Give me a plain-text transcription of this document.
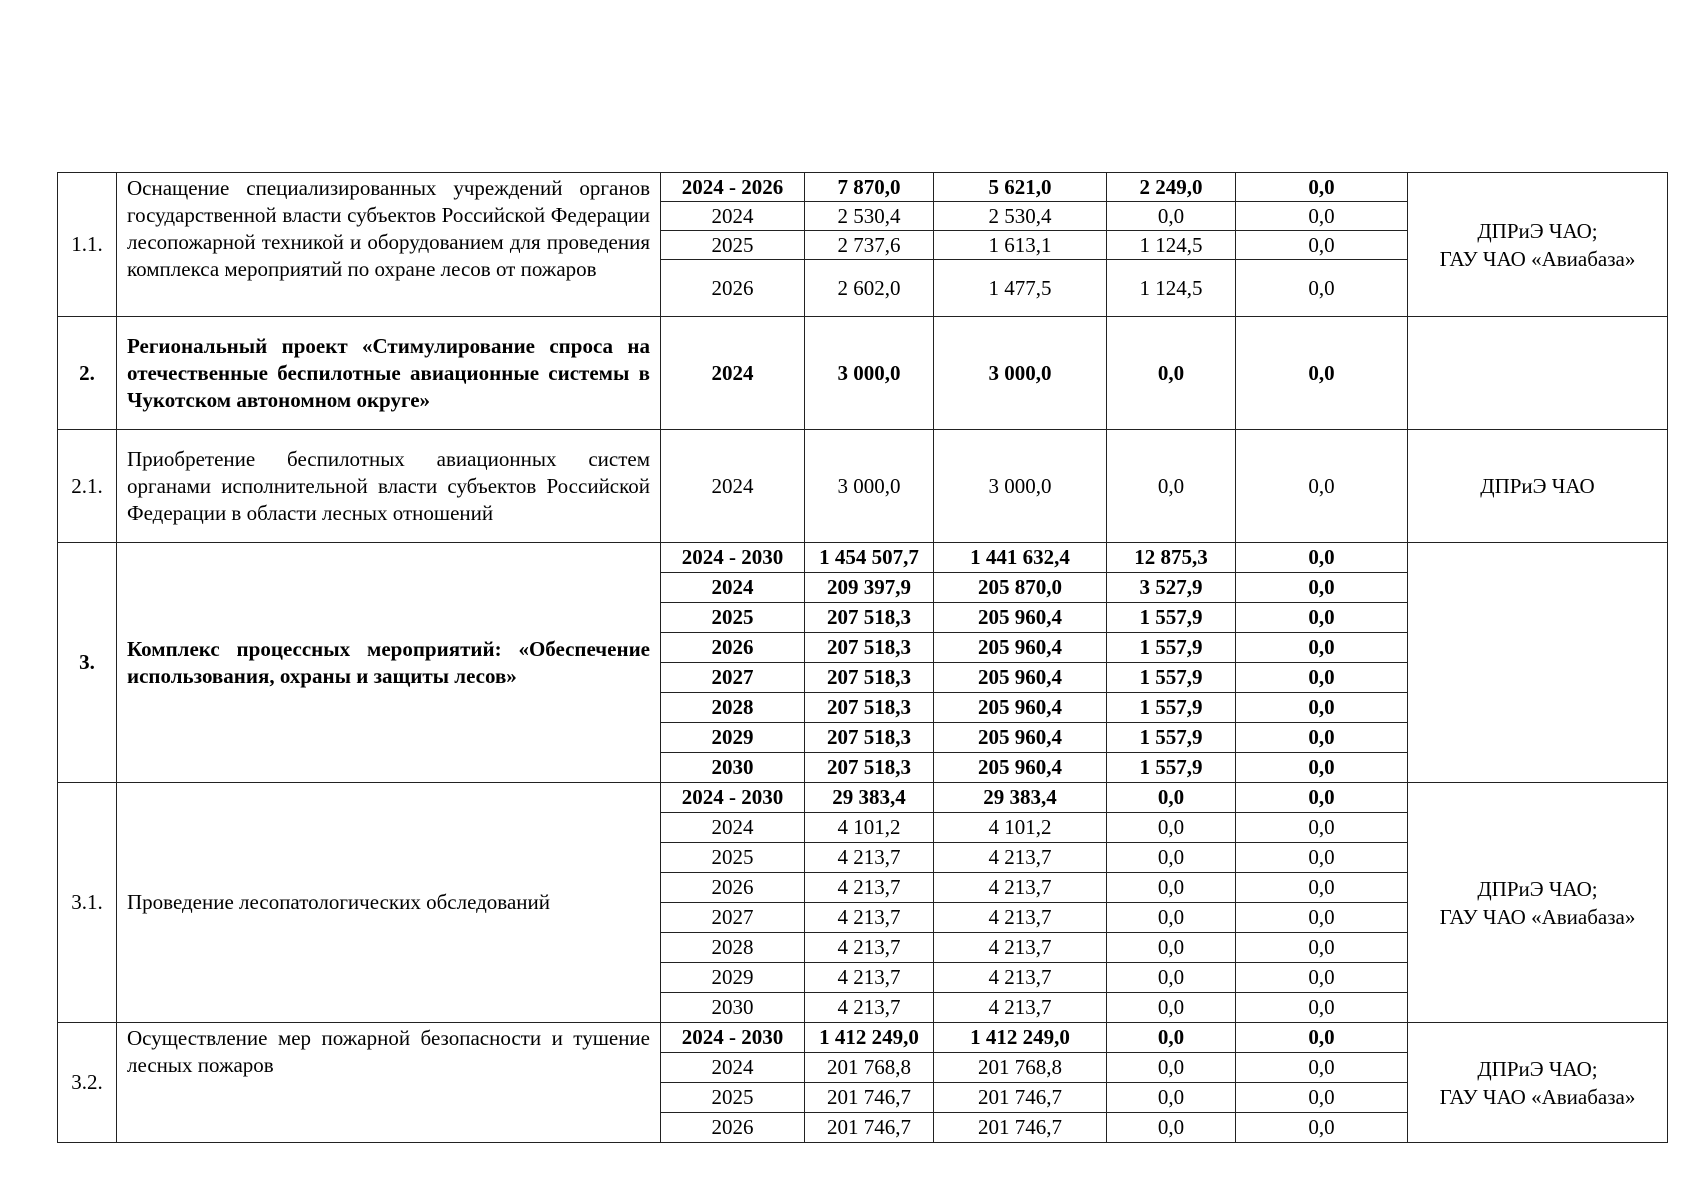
1.1.	Оснащение специализированных учреждений органов государственной власти субъектов Российской Федерации лесопожарной техникой и оборудованием для проведения комплекса мероприятий по охране лесов от пожаров	2024 - 2026	7 870,0	5 621,0	2 249,0	0,0	ДПРиЭ ЧАО;
ГАУ ЧАО «Авиабаза»

		2024	2 530,4	2 530,4	0,0	0,0	
		2025	2 737,6	1 613,1	1 124,5	0,0	
		2026	2 602,0	1 477,5	1 124,5	0,0	
2.	Региональный проект «Стимулирование спроса на отечественные беспилотные авиационные системы в Чукотском автономном округе»	2024	3 000,0	3 000,0	0,0	0,0	
2.1.	Приобретение беспилотных авиационных систем органами исполнительной власти субъектов Российской Федерации в области лесных отношений	2024	3 000,0	3 000,0	0,0	0,0	ДПРиЭ ЧАО

3.	Комплекс процессных мероприятий: «Обеспечение использования, охраны и защиты лесов»	2024 - 2030	1 454 507,7	1 441 632,4	12 875,3	0,0	
		2024	209 397,9	205 870,0	3 527,9	0,0	
		2025	207 518,3	205 960,4	1 557,9	0,0	
		2026	207 518,3	205 960,4	1 557,9	0,0	
		2027	207 518,3	205 960,4	1 557,9	0,0	
		2028	207 518,3	205 960,4	1 557,9	0,0	
		2029	207 518,3	205 960,4	1 557,9	0,0	
		2030	207 518,3	205 960,4	1 557,9	0,0	
3.1.	Проведение лесопатологических обследований	2024 - 2030	29 383,4	29 383,4	0,0	0,0	ДПРиЭ ЧАО;
ГАУ ЧАО «Авиабаза»

		2024	4 101,2	4 101,2	0,0	0,0	
		2025	4 213,7	4 213,7	0,0	0,0	
		2026	4 213,7	4 213,7	0,0	0,0	
		2027	4 213,7	4 213,7	0,0	0,0	
		2028	4 213,7	4 213,7	0,0	0,0	
		2029	4 213,7	4 213,7	0,0	0,0	
		2030	4 213,7	4 213,7	0,0	0,0	
3.2.	Осуществление мер пожарной безопасности и тушение лесных пожаров	2024 - 2030	1 412 249,0	1 412 249,0	0,0	0,0	ДПРиЭ ЧАО;
ГАУ ЧАО «Авиабаза»

		2024	201 768,8	201 768,8	0,0	0,0	
		2025	201 746,7	201 746,7	0,0	0,0	
		2026	201 746,7	201 746,7	0,0	0,0	
